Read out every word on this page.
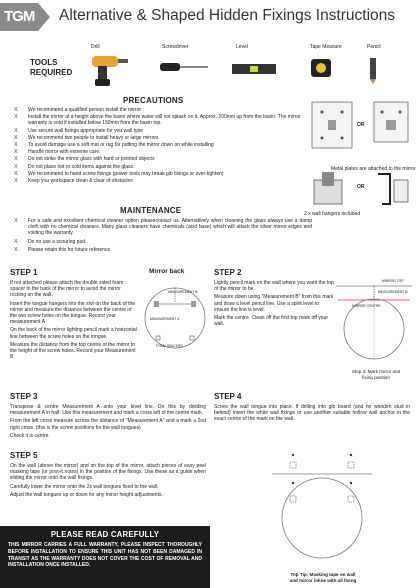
TGM Alternative & Shaped Hidden Fixings Instructions
TOOLS
REQUIRED
Drill	Screwdriver	Level	Tape Measure	Pencil
PRECAUTIONS
X	We recommend a qualified person install the mirror
X	Install the mirror at a height above the basin where water will not splash on it. Approx. 200mm up from the basin. The mirror warranty is void if installed below 150mm from the basin top.
X	Use secure wall fixings appropriate for you wall type
X	We recommend two people to install heavy or large mirrors
X	To avoid damage use a soft mat or rug for putting the mirror down on while installing
X	Handle mirror with extreme care.
X	Do not strike the mirror glass with hard or pointed objects
X	Do not place hot or cold items against the glass.
X	We recommend to hand screw fixings (power tools may break gib fixings or over-tighten)
X	Keep you workspace clean & clear of obstacles
OR
Metal plates are attached to the mirror
OR
2 x wall hangers included
MAINTENANCE
X	For a safe and excellent chemical cleaner option pleasecontact us. Alternatively when cleaning the glass always use a damp cloth with no chemical cleaners. Many glass cleaners have chemicals (acid base) which will attack the silver mirror edges and voiding the warranty.
X	Do no use a scouring pad.
X	Please retain this for future reference
STEP 1
If not attached please attach the double sided foam spacer to the back of the mirror to avoid the mirror rocking on the wall.
Insert the tongue hangers into the slot on the back of the mirror and measure the distance between the centre of the two screw holes on the tongue. Record your measurement A
On the back of the mirror lighting pencil mark a horizontal line between the screw holes on the tongue.
Measure the distance from the top centre of the mirror to the height of the screw holes. Record your Measurement B
Mirror back
MEASUREMENT B
MEASUREMENT A
FOAM SPACERS
STEP 2
Lightly pencil mark on the wall where you want the top of the mirror to be.
Measure down using "Measurement B" from this mark and draw a level pencil line. Use a spirit level to ensure the line is level.
Mark the centre. Clean off the first top mark off your wall.
MIRROR TOP
MEASUREMENT B
MIRROR CENTRE
Step 3: Mark mirror and
fixing position
STEP 3
Transpose & centre Measurement A onto your level line. Do this by dividing measurement A in half. Use this measurement and mark a cross left of the centre mark.
From the left cross measure across the distance of "Measurement A" and a mark a 2nd right cross. (this is the screw positions for the wall tongues)
Check it is centre.
STEP 4
Screw the wall tongue into place. If drilling into gib board (and no wooden stud in behind) insert the white wall fixings or use another suitable hollow wall anchor in the exact centre of the mark on the wall.
STEP 5
On the wall (above the mirror) and on the top of the mirror, attach pieces of easy peel masking tape (or post-it notes) in the position of the fixings. Use these as a guide when sliding the mirror onto the wall fixings.
Carefully lower the mirror onto the 2x wall tongues fixed to the wall.
Adjust the wall tongues up or down for any minor height adjustments.
Top Tip: Masking tape on wall
and mirror inline with all fixing
PLEASE READ CAREFULLY
THIS MIRROR CARRIES A FULL WARRANTY, PLEASE INSPECT THOROUGHLY BEFORE INSTALLATION TO ENSURE THIS UNIT HAS NOT BEEN DAMAGED IN TRANSIT AS THE WARRANTY DOES NOT COVER THE COST OF REMOVAL AND INSTALLATION ONCE INSTALLED.
